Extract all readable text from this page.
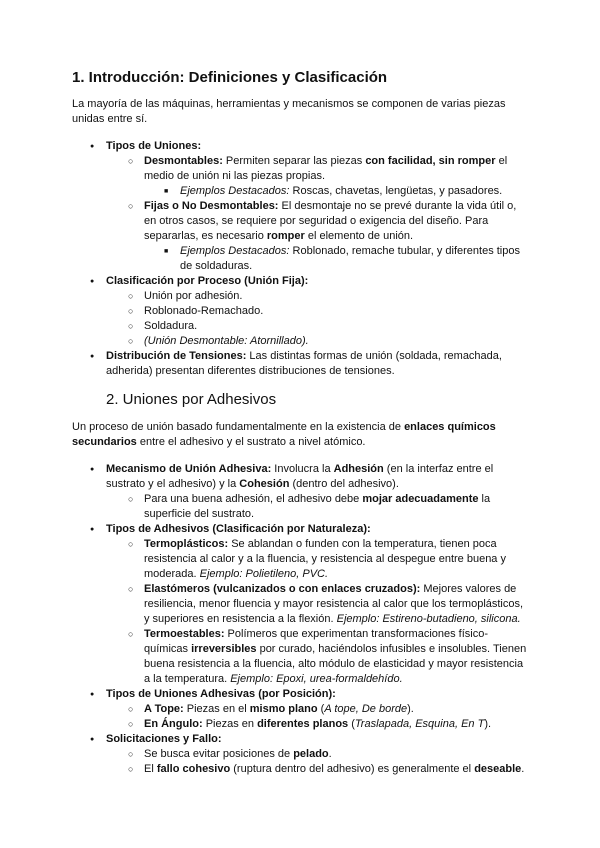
1. Introducción: Definiciones y Clasificación

La mayoría de las máquinas, herramientas y mecanismos se componen de varias piezas unidas entre sí.

● Tipos de Uniones:
○ Desmontables: Permiten separar las piezas con facilidad, sin romper el medio de unión ni las piezas propias.
■ Ejemplos Destacados: Roscas, chavetas, lengüetas, y pasadores.
○ Fijas o No Desmontables: El desmontaje no se prevé durante la vida útil o, en otros casos, se requiere por seguridad o exigencia del diseño. Para separarlas, es necesario romper el elemento de unión.
■ Ejemplos Destacados: Roblonado, remache tubular, y diferentes tipos de soldaduras.
● Clasificación por Proceso (Unión Fija):
○ Unión por adhesión.
○ Roblonado-Remachado.
○ Soldadura.
○ (Unión Desmontable: Atornillado).
● Distribución de Tensiones: Las distintas formas de unión (soldada, remachada, adherida) presentan diferentes distribuciones de tensiones.
2. Uniones por Adhesivos

Un proceso de unión basado fundamentalmente en la existencia de enlaces químicos secundarios entre el adhesivo y el sustrato a nivel atómico.

● Mecanismo de Unión Adhesiva: Involucra la Adhesión (en la interfaz entre el sustrato y el adhesivo) y la Cohesión (dentro del adhesivo).
○ Para una buena adhesión, el adhesivo debe mojar adecuadamente la superficie del sustrato.
● Tipos de Adhesivos (Clasificación por Naturaleza):
○ Termoplásticos: Se ablandan o funden con la temperatura, tienen poca resistencia al calor y a la fluencia, y resistencia al despegue entre buena y moderada. Ejemplo: Polietileno, PVC.
○ Elastómeros (vulcanizados o con enlaces cruzados): Mejores valores de resiliencia, menor fluencia y mayor resistencia al calor que los termoplásticos, y superiores en resistencia a la flexión. Ejemplo: Estireno-butadieno, silicona.
○ Termoestables: Polímeros que experimentan transformaciones físico-químicas irreversibles por curado, haciéndolos infusibles e insolubles. Tienen buena resistencia a la fluencia, alto módulo de elasticidad y mayor resistencia a la temperatura. Ejemplo: Epoxi, urea-formaldehído.
● Tipos de Uniones Adhesivas (por Posición):
○ A Tope: Piezas en el mismo plano (A tope, De borde).
○ En Ángulo: Piezas en diferentes planos (Traslapada, Esquina, En T).
● Solicitaciones y Fallo:
○ Se busca evitar posiciones de pelado.
○ El fallo cohesivo (ruptura dentro del adhesivo) es generalmente el deseable.
